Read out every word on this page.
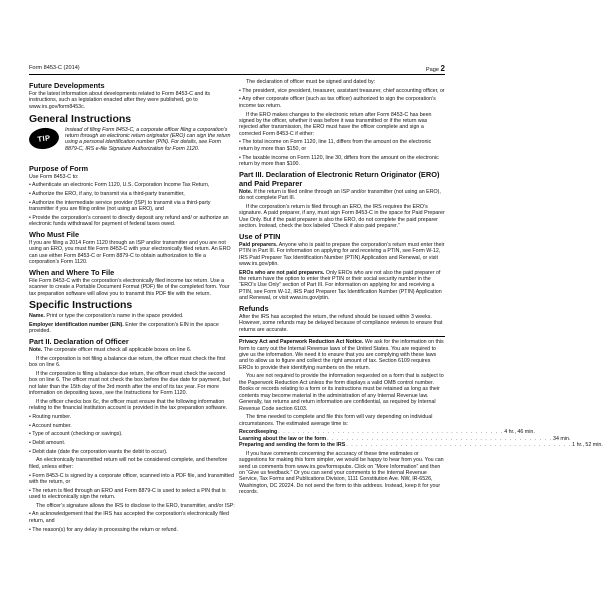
Form 8453-C (2014)	Page 2
Future Developments

For the latest information about developments related to Form 8453-C and its instructions, such as legislation enacted after they were published, go to www.irs.gov/form8453c.

General Instructions
TIP
Instead of filing Form 8453-C, a corporate officer filing a corporation’s return through an electronic return originator (ERO) can sign the return using a personal identification number (PIN). For details, see Form 8879-C, IRS e-file Signature Authorization for Form 1120.
Purpose of Form

Use Form 8453-C to:

• Authenticate an electronic Form 1120, U.S. Corporation Income Tax Return,

• Authorize the ERO, if any, to transmit via a third-party transmitter,

• Authorize the intermediate service provider (ISP) to transmit via a third-party transmitter if you are filing online (not using an ERO), and

• Provide the corporation’s consent to directly deposit any refund and/ or authorize an electronic funds withdrawal for payment of federal taxes owed.

Who Must File

If you are filing a 2014 Form 1120 through an ISP and/or transmitter and you are not using an ERO, you must file Form 8453-C with your electronically filed return. An ERO can use either Form 8453-C or Form 8879-C to obtain authorization to file a corporation’s Form 1120.

When and Where To File

File Form 8453-C with the corporation’s electronically filed income tax return. Use a scanner to create a Portable Document Format (PDF) file of the completed form. Your tax preparation software will allow you to transmit this PDF file with the return.

Specific Instructions

Name. Print or type the corporation’s name in the space provided.

Employer identification number (EIN). Enter the corporation’s EIN in the space provided.

Part II. Declaration of Officer

Note. The corporate officer must check all applicable boxes on line 6.

If the corporation is not filing a balance due return, the officer must check the first box on line 6.

If the corporation is filing a balance due return, the officer must check the second box on line 6. The officer must not check the box before the due date for payment, but not later than the 15th day of the 3rd month after the end of its tax year. For more information on depositing taxes, see the Instructions for Form 1120.

If the officer checks box 6c, the officer must ensure that the following information relating to the financial institution account is provided in the tax preparation software.

• Routing number.

• Account number.

• Type of account (checking or savings).

• Debit amount.

• Debit date (date the corporation wants the debit to occur).

An electronically transmitted return will not be considered complete, and therefore filed, unless either:

• Form 8453-C is signed by a corporate officer, scanned into a PDF file, and transmitted with the return, or

• The return is filed through an ERO and Form 8879-C is used to select a PIN that is used to electronically sign the return.

The officer’s signature allows the IRS to disclose to the ERO, transmitter, and/or ISP:

• An acknowledgement that the IRS has accepted the corporation’s electronically filed return, and

• The reason(s) for any delay in processing the return or refund.

The declaration of officer must be signed and dated by:

• The president, vice president, treasurer, assistant treasurer, chief accounting officer, or

• Any other corporate officer (such as tax officer) authorized to sign the corporation’s income tax return.

If the ERO makes changes to the electronic return after Form 8453-C has been signed by the officer, whether it was before it was transmitted or if the return was rejected after transmission, the ERO must have the officer complete and sign a corrected Form 8453-C if either:

• The total income on Form 1120, line 11, differs from the amount on the electronic return by more than $150, or

• The taxable income on Form 1120, line 30, differs from the amount on the electronic return by more than $100.

Part III. Declaration of Electronic Return Originator (ERO) and Paid Preparer

Note. If the return is filed online through an ISP and/or transmitter (not using an ERO), do not complete Part III.

If the corporation’s return is filed through an ERO, the IRS requires the ERO’s signature. A paid preparer, if any, must sign Form 8453-C in the space for Paid Preparer Use Only. But if the paid preparer is also the ERO, do not complete the paid preparer section. Instead, check the box labeled “Check if also paid preparer.”

Use of PTIN

Paid preparers. Anyone who is paid to prepare the corporation’s return must enter their PTIN in Part III. For information on applying for and receiving a PTIN, see Form W-12, IRS Paid Preparer Tax Identification Number (PTIN) Application and Renewal, or visit www.irs.gov/ptin.

EROs who are not paid preparers. Only EROs who are not also the paid preparer of the return have the option to enter their PTIN or their social security number in the “ERO’s Use Only” section of Part III. For information on applying for and receiving a PTIN, see Form W-12, IRS Paid Preparer Tax Identification Number (PTIN) Application and Renewal, or visit www.irs.gov/ptin.

Refunds

After the IRS has accepted the return, the refund should be issued within 3 weeks. However, some refunds may be delayed because of compliance reviews to ensure that returns are accurate.

Privacy Act and Paperwork Reduction Act Notice. We ask for the information on this form to carry out the Internal Revenue laws of the United States. You are required to give us the information. We need it to ensure that you are complying with these laws and to allow us to figure and collect the right amount of tax. Section 6109 requires EROs to provide their identifying numbers on the return.

You are not required to provide the information requested on a form that is subject to the Paperwork Reduction Act unless the form displays a valid OMB control number. Books or records relating to a form or its instructions must be retained as long as their contents may become material in the administration of any Internal Revenue law. Generally, tax returns and return information are confidential, as required by Internal Revenue Code section 6103.

The time needed to complete and file this form will vary depending on individual circumstances. The estimated average time is:

Recordkeeping . . . . . . . . . . . . . . . . . . . . . . . . . . . . . . . . . . . . . . . . . . . . . . 4 hr., 46 min.
Learning about the law or the form . . . . . . . . . . . . . . . . . . . . . . . . . . . . . . . . . . . . . . . . . . . . . . 34 min.
Preparing and sending the form to the IRS . . . . . . . . . . . . . . . . . . . . . . . . . . . . . . . . . . . . . . . . . . . . . . 1 hr., 52 min.

If you have comments concerning the accuracy of these time estimates or suggestions for making this form simpler, we would be happy to hear from you. You can send us comments from www.irs.gov/formspubs. Click on “More Information” and then on “Give us feedback.” Or you can send your comments to the Internal Revenue Service, Tax Forms and Publications Division, 1111 Constitution Ave. NW, IR-6526, Washington, DC 20224. Do not send the form to this address. Instead, keep it for your records.
